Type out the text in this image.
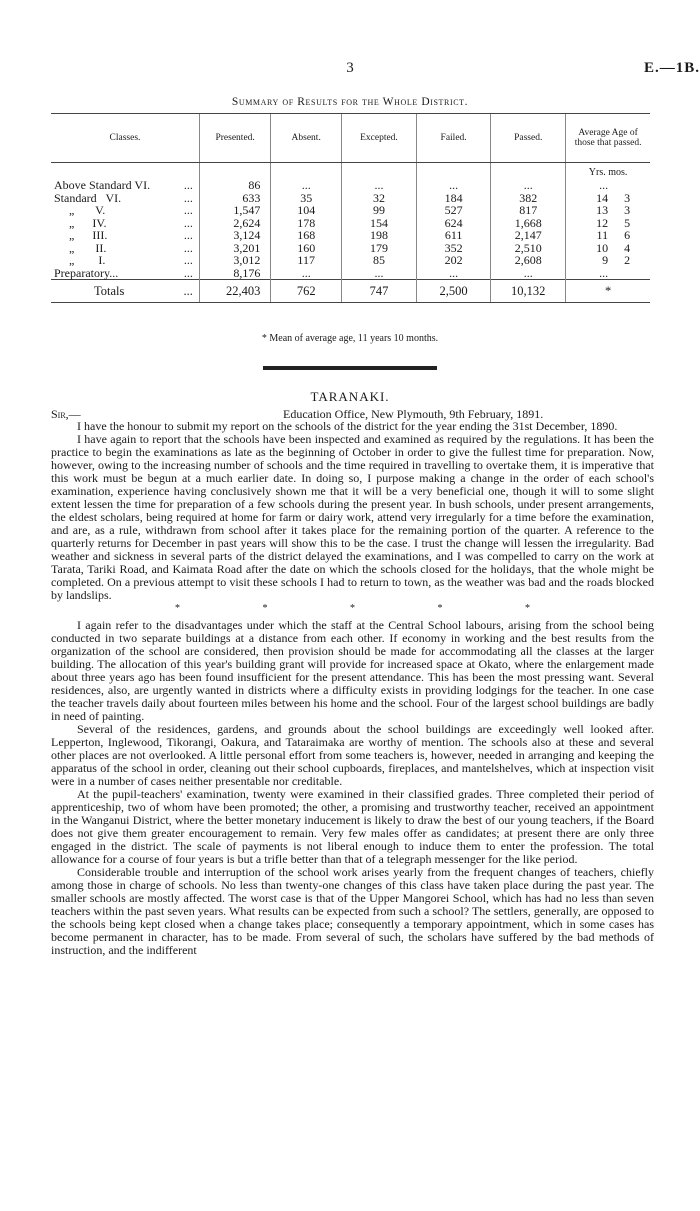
3	E.—1B.
Summary of Results for the Whole District.
Classes.	Presented.	Absent.	Excepted.	Failed.	Passed.	Average Age of those that passed.
						Yrs. mos.
Above Standard VI. ...	86	...	...	...	...	...
Standard   VI. ...	633	35	32	184	382	14 3
„       V. ...	1,547	104	99	527	817	13 3
„      IV. ...	2,624	178	154	624	1,668	12 5
„      III. ...	3,124	168	198	611	2,147	11 6
„       II. ...	3,201	160	179	352	2,510	10 4
„        I. ...	3,012	117	85	202	2,608	9 2
Preparatory... ...	8,176	...	...	...	...	...
Totals ...	22,403	762	747	2,500	10,132	*
* Mean of average age, 11 years 10 months.
TARANAKI.
Sir,—	Education Office, New Plymouth, 9th February, 1891.

I have the honour to submit my report on the schools of the district for the year ending the 31st December, 1890.

I have again to report that the schools have been inspected and examined as required by the regulations. It has been the practice to begin the examinations as late as the beginning of October in order to give the fullest time for preparation. Now, however, owing to the increasing number of schools and the time required in travelling to overtake them, it is imperative that this work must be begun at a much earlier date. In doing so, I purpose making a change in the order of each school's examination, experience having conclusively shown me that it will be a very beneficial one, though it will to some slight extent lessen the time for preparation of a few schools during the present year. In bush schools, under present arrangements, the eldest scholars, being required at home for farm or dairy work, attend very irregularly for a time before the examination, and are, as a rule, withdrawn from school after it takes place for the remaining portion of the quarter. A reference to the quarterly returns for December in past years will show this to be the case. I trust the change will lessen the irregularity. Bad weather and sickness in several parts of the district delayed the examinations, and I was compelled to carry on the work at Tarata, Tariki Road, and Kaimata Road after the date on which the schools closed for the holidays, that the whole might be completed. On a previous attempt to visit these schools I had to return to town, as the weather was bad and the roads blocked by landslips.

* * * * *

I again refer to the disadvantages under which the staff at the Central School labours, arising from the school being conducted in two separate buildings at a distance from each other. If economy in working and the best results from the organization of the school are considered, then provision should be made for accommodating all the classes at the larger building. The allocation of this year's building grant will provide for increased space at Okato, where the enlargement made about three years ago has been found insufficient for the present attendance. This has been the most pressing want. Several residences, also, are urgently wanted in districts where a difficulty exists in providing lodgings for the teacher. In one case the teacher travels daily about fourteen miles between his home and the school. Four of the largest school buildings are badly in need of painting.

Several of the residences, gardens, and grounds about the school buildings are exceedingly well looked after. Lepperton, Inglewood, Tikorangi, Oakura, and Tataraimaka are worthy of mention. The schools also at these and several other places are not overlooked. A little personal effort from some teachers is, however, needed in arranging and keeping the apparatus of the school in order, cleaning out their school cupboards, fireplaces, and mantelshelves, which at inspection visit were in a number of cases neither presentable nor creditable.

At the pupil-teachers' examination, twenty were examined in their classified grades. Three completed their period of apprenticeship, two of whom have been promoted; the other, a promising and trustworthy teacher, received an appointment in the Wanganui District, where the better monetary inducement is likely to draw the best of our young teachers, if the Board does not give them greater encouragement to remain. Very few males offer as candidates; at present there are only three engaged in the district. The scale of payments is not liberal enough to induce them to enter the profession. The total allowance for a course of four years is but a trifle better than that of a telegraph messenger for the like period.

Considerable trouble and interruption of the school work arises yearly from the frequent changes of teachers, chiefly among those in charge of schools. No less than twenty-one changes of this class have taken place during the past year. The smaller schools are mostly affected. The worst case is that of the Upper Mangorei School, which has had no less than seven teachers within the past seven years. What results can be expected from such a school? The settlers, generally, are opposed to the schools being kept closed when a change takes place; consequently a temporary appointment, which in some cases has become permanent in character, has to be made. From several of such, the scholars have suffered by the bad methods of instruction, and the indifferent
